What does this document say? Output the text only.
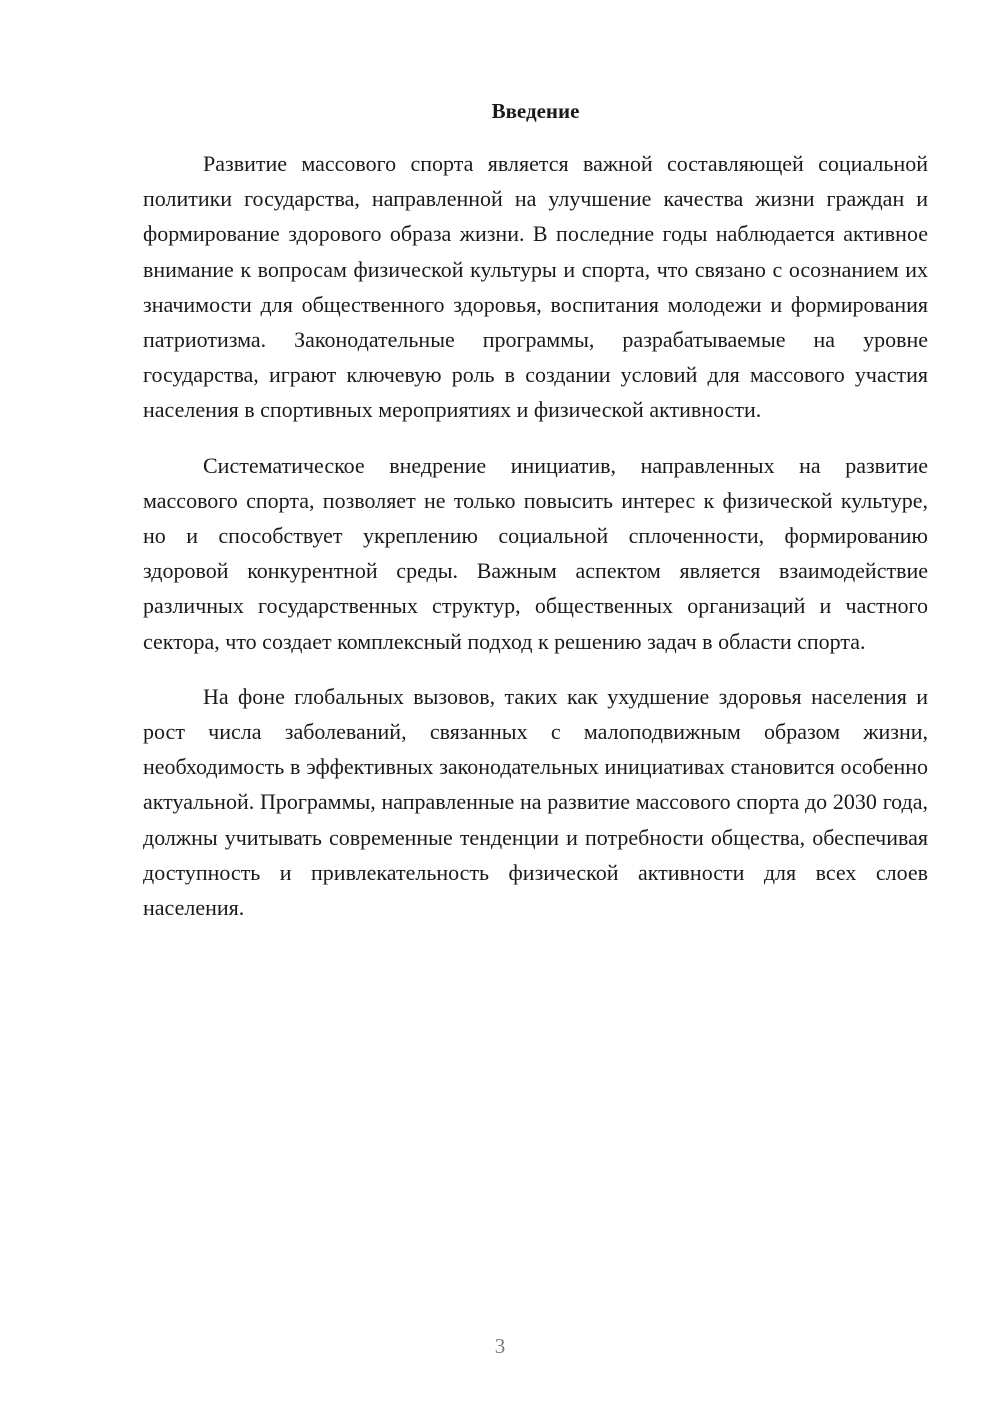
Введение

Развитие массового спорта является важной составляющей социальной политики государства, направленной на улучшение качества жизни граждан и формирование здорового образа жизни. В последние годы наблюдается активное внимание к вопросам физической культуры и спорта, что связано с осознанием их значимости для общественного здоровья, воспитания молодежи и формирования патриотизма. Законодательные программы, разрабатываемые на уровне государства, играют ключевую роль в создании условий для массового участия населения в спортивных мероприятиях и физической активности.

Систематическое внедрение инициатив, направленных на развитие массового спорта, позволяет не только повысить интерес к физической культуре, но и способствует укреплению социальной сплоченности, формированию здоровой конкурентной среды. Важным аспектом является взаимодействие различных государственных структур, общественных организаций и частного сектора, что создает комплексный подход к решению задач в области спорта.

На фоне глобальных вызовов, таких как ухудшение здоровья населения и рост числа заболеваний, связанных с малоподвижным образом жизни, необходимость в эффективных законодательных инициативах становится особенно актуальной. Программы, направленные на развитие массового спорта до 2030 года, должны учитывать современные тенденции и потребности общества, обеспечивая доступность и привлекательность физической активности для всех слоев населения.

3
